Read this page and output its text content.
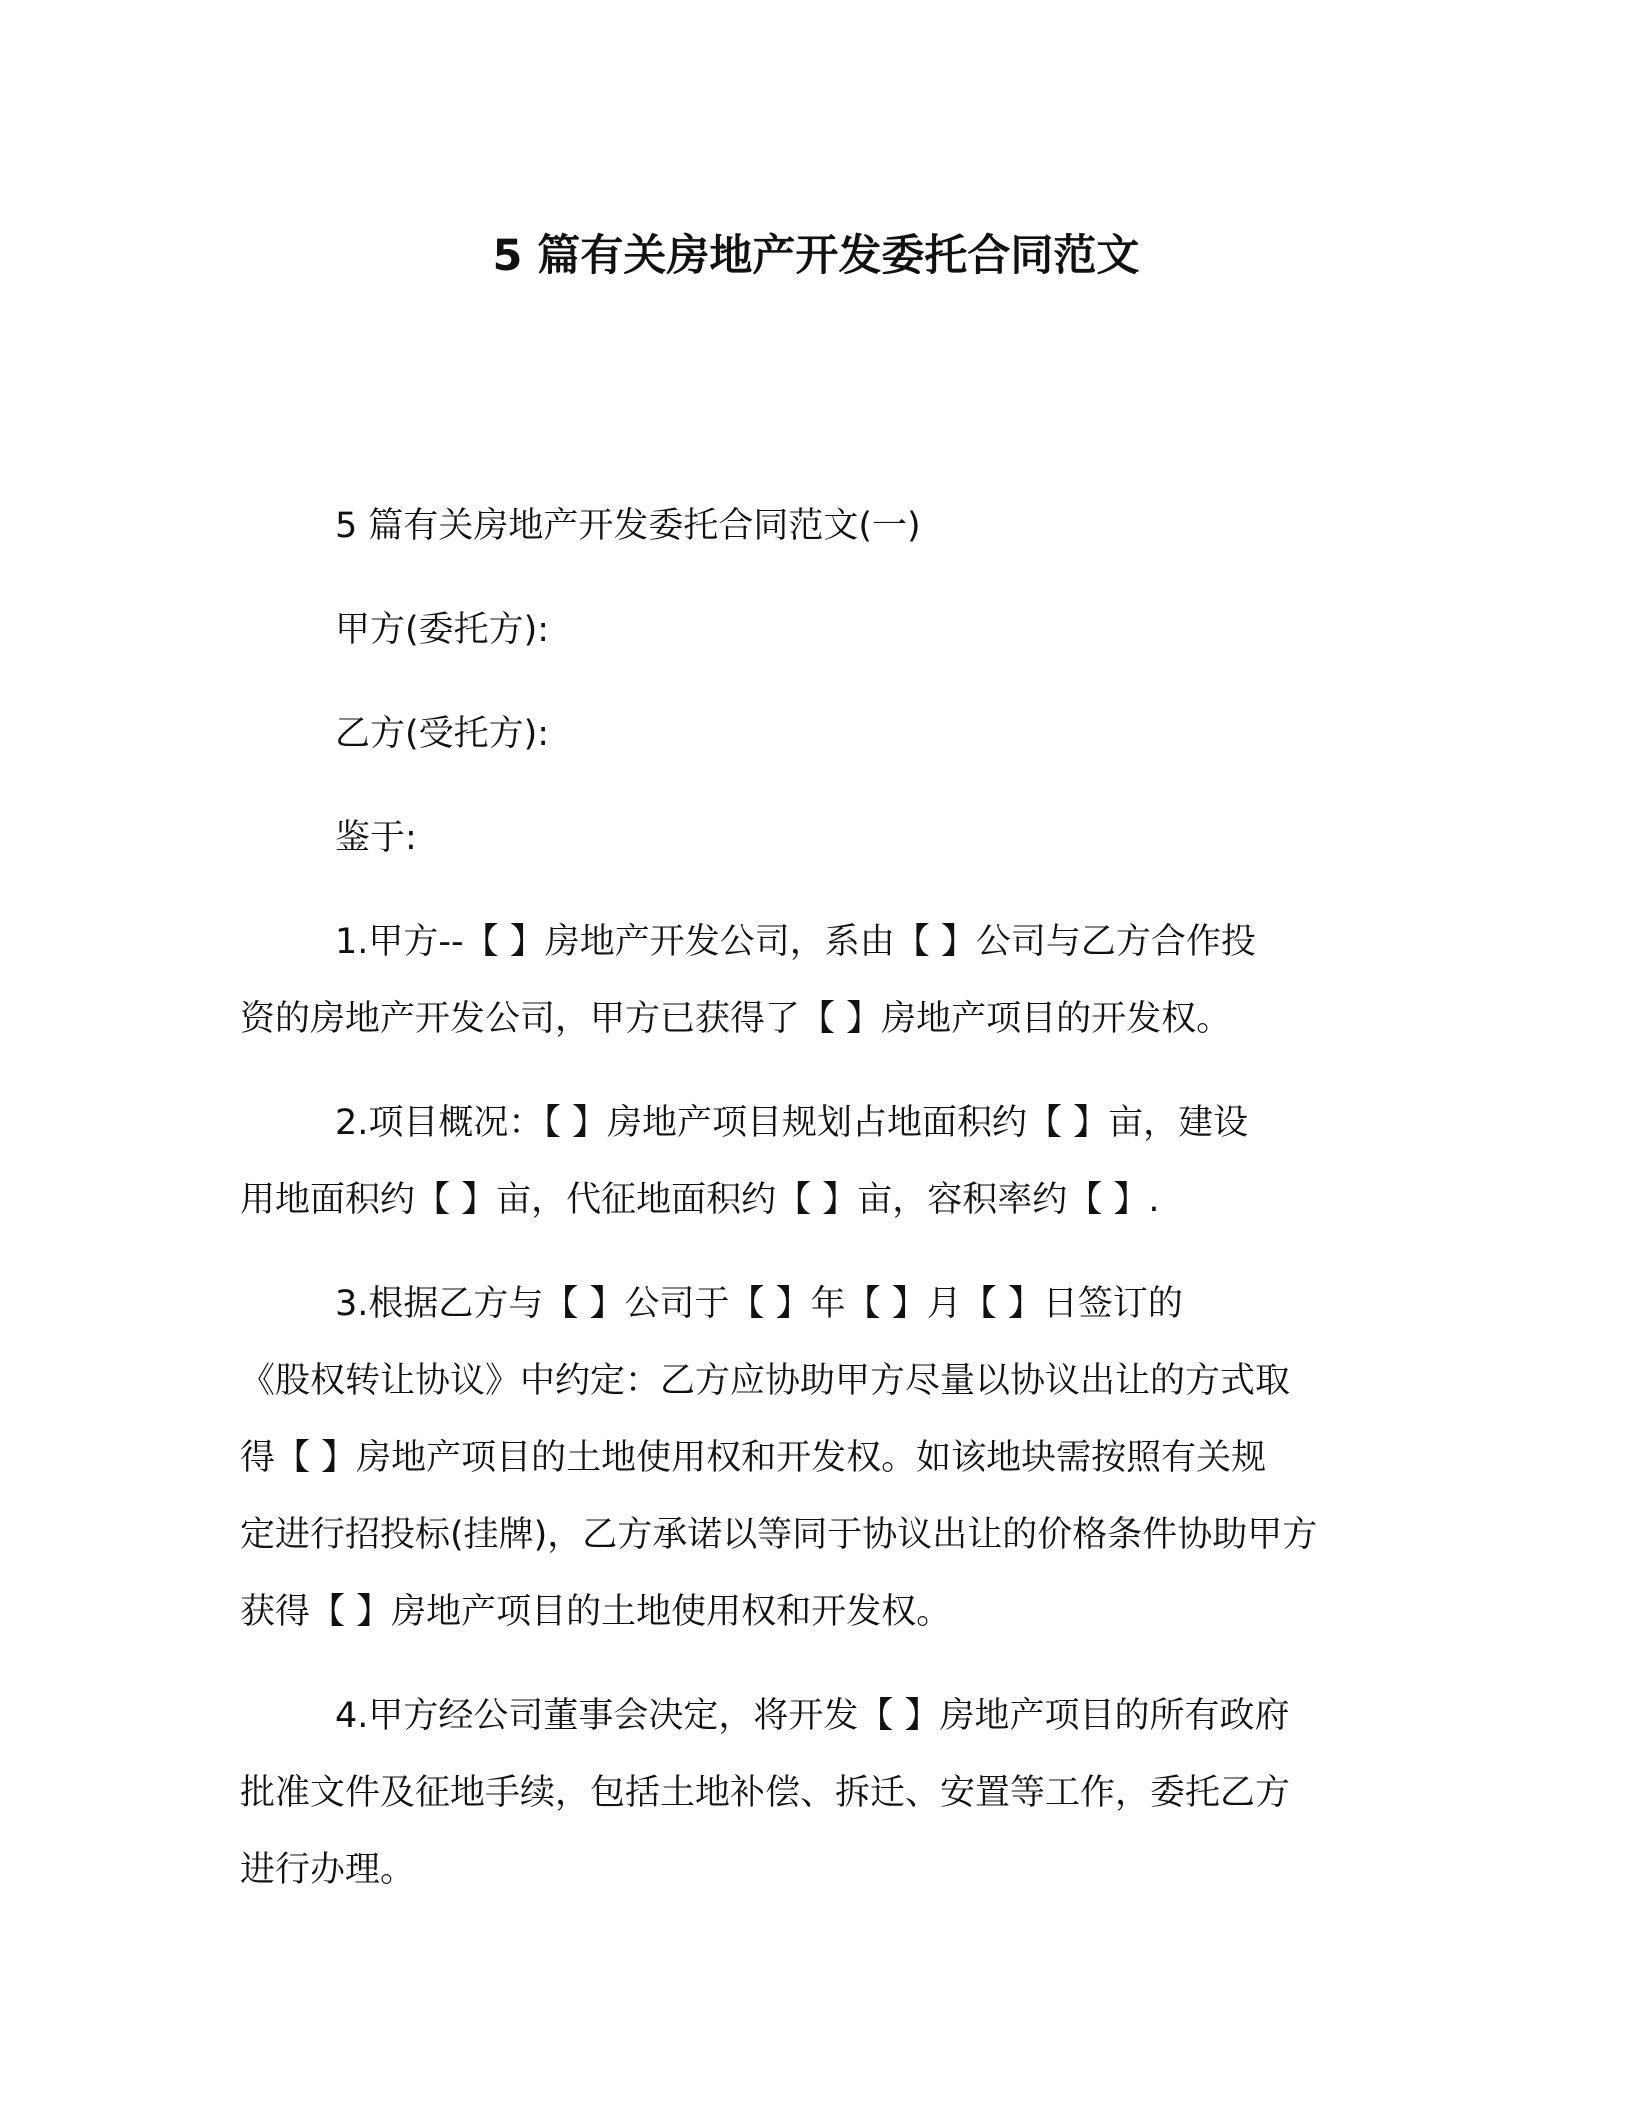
5 篇有关房地产开发委托合同范文
5 篇有关房地产开发委托合同范文(一)
甲方(委托方):
乙方(受托方):
鉴于:
1.甲方--【 】房地产开发公司，系由【 】公司与乙方合作投
资的房地产开发公司，甲方已获得了【 】房地产项目的开发权。
2.项目概况：【 】房地产项目规划占地面积约【 】亩，建设
用地面积约【 】亩，代征地面积约【 】亩，容积率约【 】.
3.根据乙方与【 】公司于【 】年【 】月【 】日签订的
《股权转让协议》中约定：乙方应协助甲方尽量以协议出让的方式取
得【 】房地产项目的土地使用权和开发权。如该地块需按照有关规
定进行招投标(挂牌)，乙方承诺以等同于协议出让的价格条件协助甲方
获得【 】房地产项目的土地使用权和开发权。
4.甲方经公司董事会决定，将开发【 】房地产项目的所有政府
批准文件及征地手续，包括土地补偿、拆迁、安置等工作，委托乙方
进行办理。
